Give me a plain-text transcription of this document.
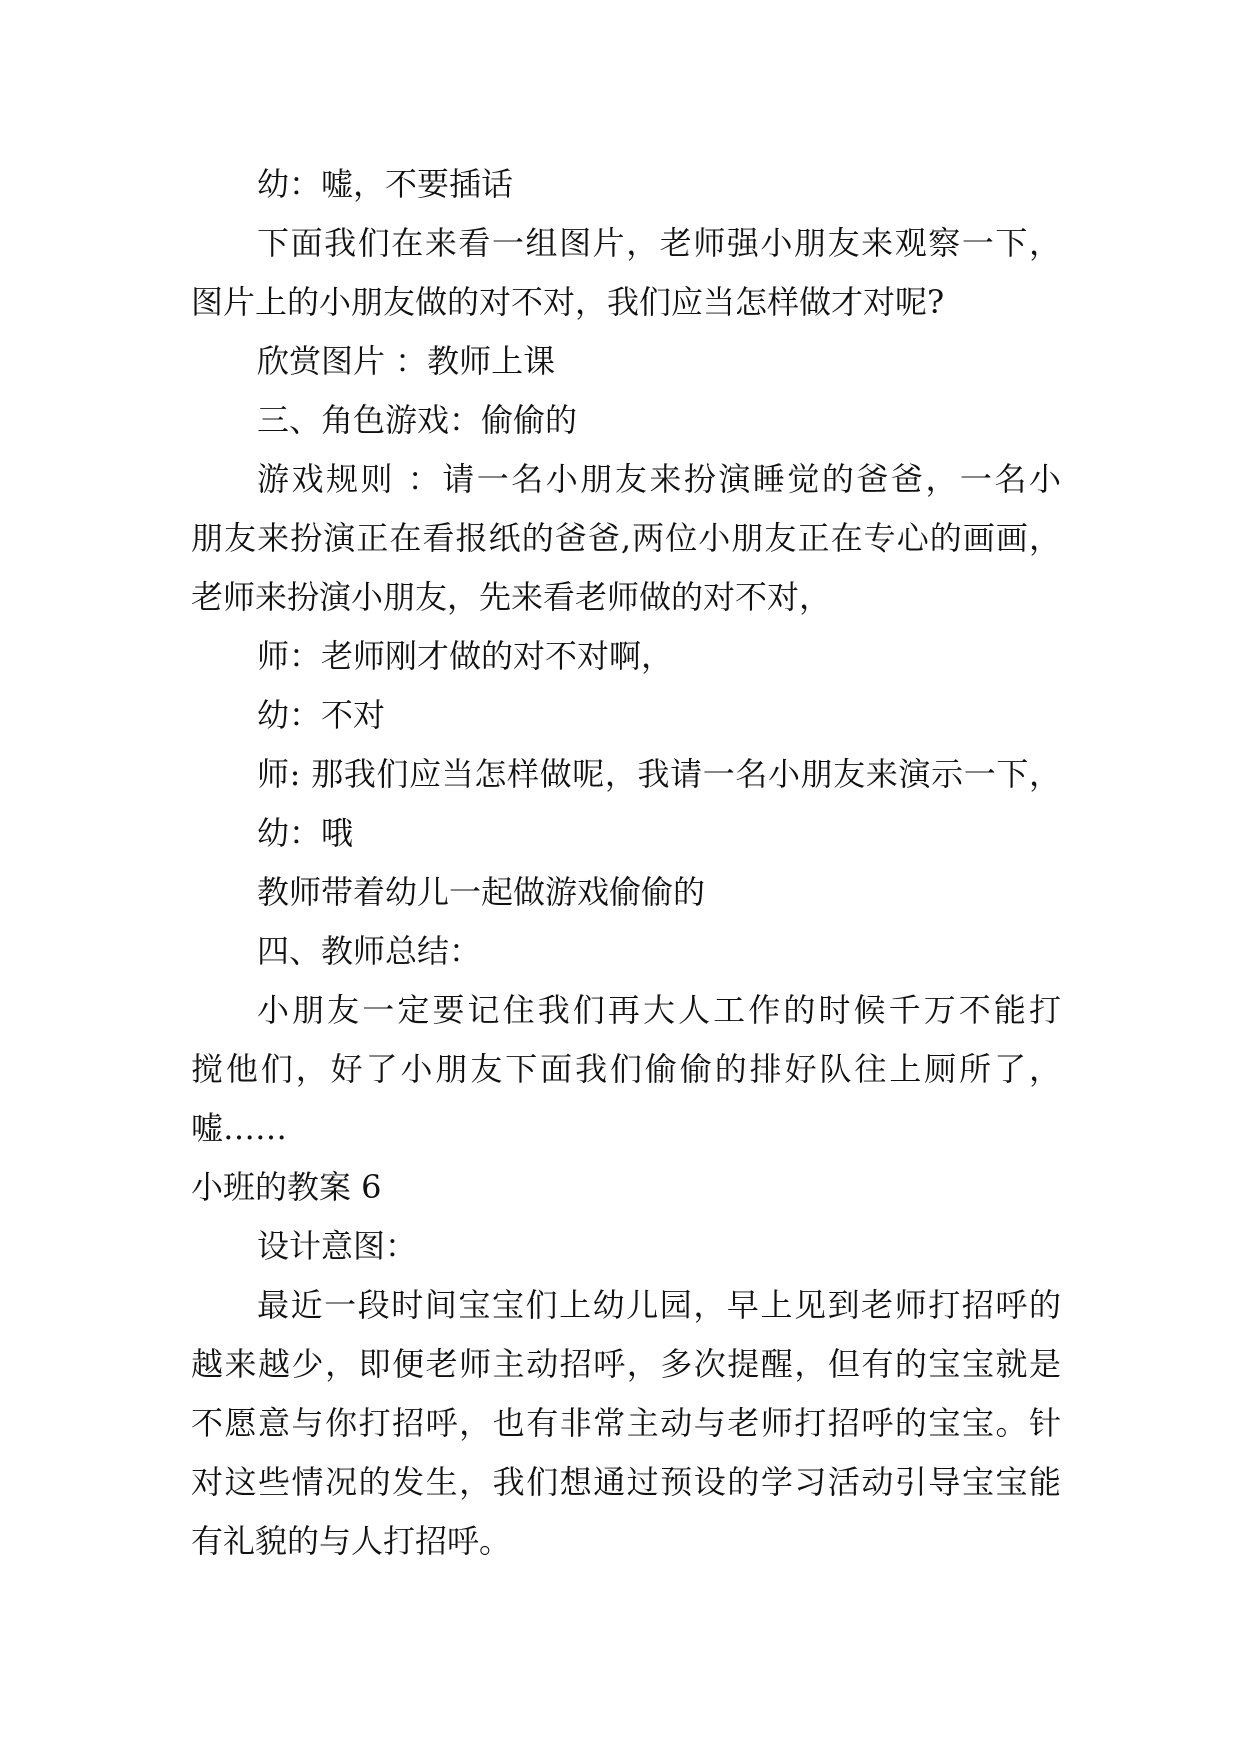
幼：嘘，不要插话
下面我们在来看一组图片，老师强小朋友来观察一下，
图片上的小朋友做的对不对，我们应当怎样做才对呢?
欣赏图片 ：教师上课
三、角色游戏：偷偷的
游戏规则 ：请一名小朋友来扮演睡觉的爸爸，一名小
朋友来扮演正在看报纸的爸爸,两位小朋友正在专心的画画，
老师来扮演小朋友，先来看老师做的对不对，
师：老师刚才做的对不对啊，
幼：不对
师: 那我们应当怎样做呢，我请一名小朋友来演示一下，
幼：哦
教师带着幼儿一起做游戏偷偷的
四、教师总结：
小朋友一定要记住我们再大人工作的时候千万不能打
搅他们，好了小朋友下面我们偷偷的排好队往上厕所了，
嘘……
小班的教案 6
设计意图：
最近一段时间宝宝们上幼儿园，早上见到老师打招呼的
越来越少，即便老师主动招呼，多次提醒，但有的宝宝就是
不愿意与你打招呼，也有非常主动与老师打招呼的宝宝。针
对这些情况的发生，我们想通过预设的学习活动引导宝宝能
有礼貌的与人打招呼。
